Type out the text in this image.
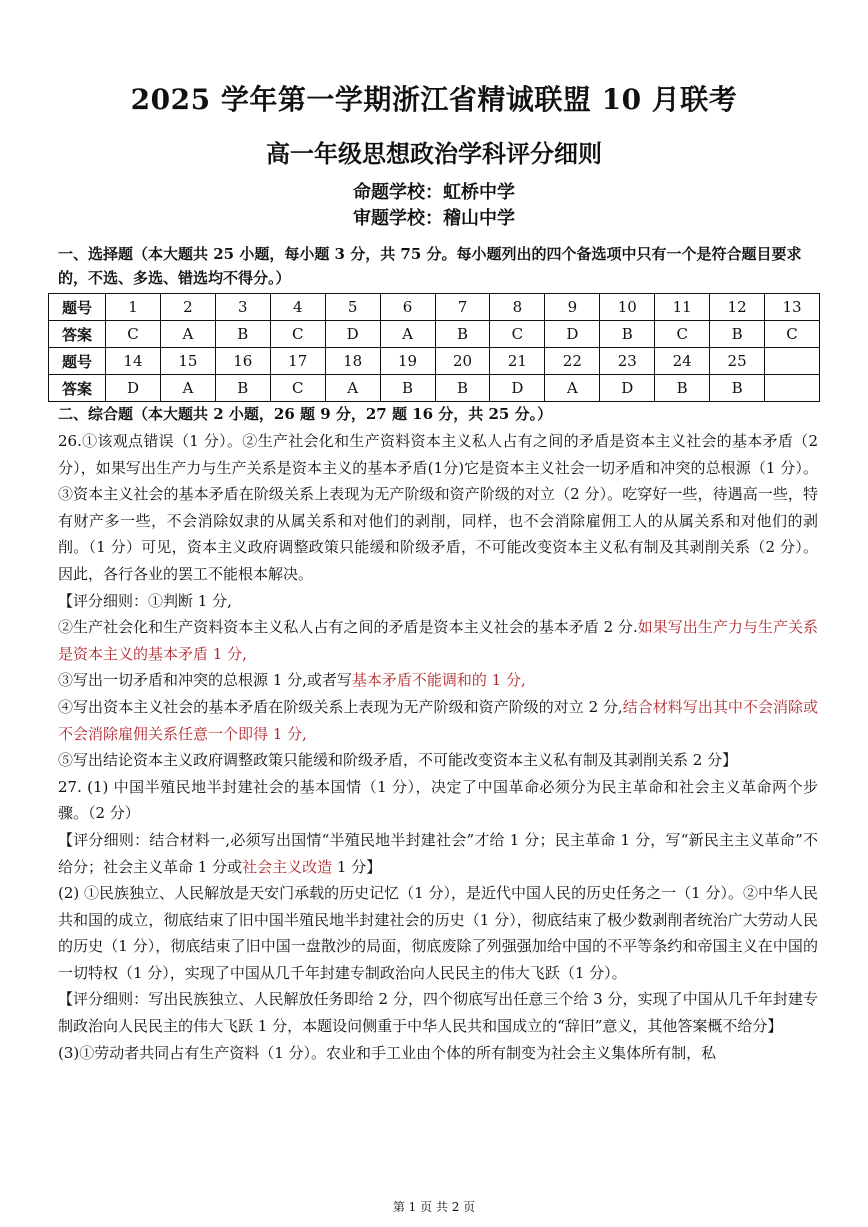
2025 学年第一学期浙江省精诚联盟 10 月联考
高一年级思想政治学科评分细则
命题学校：虹桥中学
审题学校：稽山中学
一、选择题（本大题共 25 小题，每小题 3 分，共 75 分。每小题列出的四个备选项中只有一个是符合题目要求的，不选、多选、错选均不得分。）
题号	1	2	3	4	5	6	7	8	9	10	11	12	13
答案	C	A	B	C	D	A	B	C	D	B	C	B	C
题号	14	15	16	17	18	19	20	21	22	23	24	25	
答案	D	A	B	C	A	B	B	D	A	D	B	B	
二、综合题（本大题共 2 小题，26 题 9 分，27 题 16 分，共 25 分。）

26.①该观点错误（1 分）。②生产社会化和生产资料资本主义私人占有之间的矛盾是资本主义社会的基本矛盾（2 分），如果写出生产力与生产关系是资本主义的基本矛盾(1分)它是资本主义社会一切矛盾和冲突的总根源（1 分）。③资本主义社会的基本矛盾在阶级关系上表现为无产阶级和资产阶级的对立（2 分）。吃穿好一些，待遇高一些，特有财产多一些，不会消除奴隶的从属关系和对他们的剥削，同样，也不会消除雇佣工人的从属关系和对他们的剥削。（1 分）可见，资本主义政府调整政策只能缓和阶级矛盾，不可能改变资本主义私有制及其剥削关系（2 分）。因此，各行各业的罢工不能根本解决。

【评分细则：①判断 1 分,

②生产社会化和生产资料资本主义私人占有之间的矛盾是资本主义社会的基本矛盾 2 分.如果写出生产力与生产关系是资本主义的基本矛盾 1 分,

③写出一切矛盾和冲突的总根源 1 分,或者写基本矛盾不能调和的 1 分,

④写出资本主义社会的基本矛盾在阶级关系上表现为无产阶级和资产阶级的对立 2 分,结合材料写出其中不会消除或不会消除雇佣关系任意一个即得 1 分,

⑤写出结论资本主义政府调整政策只能缓和阶级矛盾，不可能改变资本主义私有制及其剥削关系 2 分】

27. (1) 中国半殖民地半封建社会的基本国情（1 分），决定了中国革命必须分为民主革命和社会主义革命两个步骤。（2 分）

【评分细则：结合材料一,必须写出国情“半殖民地半封建社会”才给 1 分；民主革命 1 分，写“新民主主义革命”不给分；社会主义革命 1 分或社会主义改造 1 分】

(2) ①民族独立、人民解放是天安门承载的历史记忆（1 分），是近代中国人民的历史任务之一（1 分）。②中华人民共和国的成立，彻底结束了旧中国半殖民地半封建社会的历史（1 分），彻底结束了极少数剥削者统治广大劳动人民的历史（1 分），彻底结束了旧中国一盘散沙的局面，彻底废除了列强强加给中国的不平等条约和帝国主义在中国的一切特权（1 分），实现了中国从几千年封建专制政治向人民民主的伟大飞跃（1 分）。

【评分细则：写出民族独立、人民解放任务即给 2 分，四个彻底写出任意三个给 3 分，实现了中国从几千年封建专制政治向人民民主的伟大飞跃 1 分，本题设问侧重于中华人民共和国成立的“辞旧”意义，其他答案概不给分】

(3)①劳动者共同占有生产资料（1 分）。农业和手工业由个体的所有制变为社会主义集体所有制，私

第 1 页 共 2 页
